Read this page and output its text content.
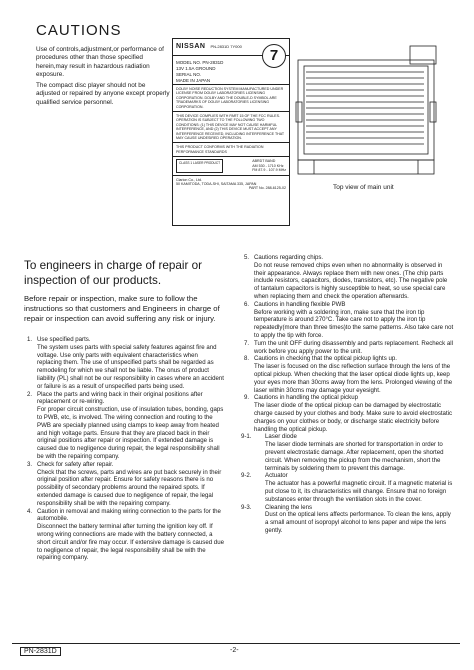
CAUTIONS

Use of controls,adjustment,or performance of procedures other than those specified herein,may result in hazardous radiation exposure.

The compact disc player should not be adjusted or repaired by anyone except properly qualified service personnel.

NISSAN	PN-2831D 7Y000
7
MODEL NO. PN-2831D
13V 1.5A GROUND
SERIAL NO.
MADE IN JAPAN
DOLBY NOISE REDUCTION SYSTEM MANUFACTURED UNDER LICENSE FROM DOLBY LABORATORIES LICENSING CORPORATION. DOLBY AND THE DOUBLE-D SYMBOL ARE TRADEMARKS OF DOLBY LABORATORIES LICENSING CORPORATION.
THIS DEVICE COMPLIES WITH PART 15 OF THE FCC RULES. OPERATION IS SUBJECT TO THE FOLLOWING TWO CONDITIONS: (1) THIS DEVICE MAY NOT CAUSE HARMFUL INTERFERENCE, AND (2) THIS DEVICE MUST ACCEPT ANY INTERFERENCE RECEIVED, INCLUDING INTERFERENCE THAT MAY CAUSE UNDESIRED OPERATION.
THIS PRODUCT CONFORMS WITH THE RADIATION PERFORMANCE STANDARDS
CLASS 1 LASER PRODUCT	ABRDT BAND
AM 530 - 1710 KHz
FM 87.9 - 107.9 MHz
Clarion Co., Ltd.
50 KAMITODA, TODA-SHI, SAITAMA 335, JAPAN
PART No. 288-6125-02	Top view of main unit
To engineers in charge of repair or inspection of our products.
Before repair or inspection, make sure to follow the instructions so that customers and Engineers in charge of repair or inspection can avoid suffering any risk or injury.
1. Use specified parts.
The system uses parts with special safety features against fire and voltage. Use only parts with equivalent characteristics when replacing them. The use of unspecified parts shall be regarded as remodeling for which we shall not be liable. The onus of product liability (PL) shall not be our responsibility in cases where an accident or failure is as a result of unspecified parts being used.
2. Place the parts and wiring back in their original positions after replacement or re-wiring.
For proper circuit construction, use of insulation tubes, bonding, gaps to PWB, etc, is involved. The wiring connection and routing to the PWB are specially planned using clamps to keep away from heated and high voltage parts. Ensure that they are placed back in their original positions after repair or inspection. If extended damage is caused due to negligence during repair, the legal responsibility shall be with the repairing company.
3. Check for safety after repair.
Check that the screws, parts and wires are put back securely in their original position after repair. Ensure for safety reasons there is no possibility of secondary problems around the repaired spots. If extended damage is caused due to negligence of repair, the legal responsibility shall be with the repairing company.
4. Caution in removal and making wiring connection to the parts for the automobile.
Disconnect the battery terminal after turning the ignition key off. If wrong wiring connections are made with the battery connected, a short circuit and/or fire may occur. If extensive damage is caused due to negligence of repair, the legal responsibility shall be with the repairing company.
5. Cautions regarding chips.
Do not reuse removed chips even when no abnormality is observed in their appearance. Always replace them with new ones. (The chip parts include resistors, capacitors, diodes, transistors, etc). The negative pole of tantalum capacitors is highly susceptible to heat, so use special care when replacing them and check the operation afterwards.
6. Cautions in handling flexible PWB
Before working with a soldering iron, make sure that the iron tip temperature is around 270°C. Take care not to apply the iron tip repeatedly(more than three times)to the same patterns. Also take care not to apply the tip with force.
7. Turn the unit OFF during disassembly and parts replacement. Recheck all work before you apply power to the unit.
8. Cautions in checking that the optical pickup lights up.
The laser is focused on the disc reflection surface through the lens of the optical pickup. When checking that the laser optical diode lights up, keep your eyes more than 30cms away from the lens. Prolonged viewing of the laser within 30cms may damage your eyesight.
9. Cautions in handling the optical pickup
The laser diode of the optical pickup can be damaged by electrostatic charge caused by your clothes and body. Make sure to avoid electrostatic charges on your clothes or body, or discharge static electricity before handling the optical pickup.
9-1.	Laser diode
The laser diode terminals are shorted for transportation in order to prevent electrostatic damage. After replacement, open the shorted circuit. When removing the pickup from the mechanism, short the terminals by soldering them to prevent this damage.
9-2.	Actuator
The actuator has a powerful magnetic circuit. If a magnetic material is put close to it, its characteristics will change. Ensure that no foreign substances enter through the ventilation slots in the cover.
9-3.	Cleaning the lens
Dust on the optical lens affects performance. To clean the lens, apply a small amount of isopropyl alcohol to lens paper and wipe the lens gently.
PN-2831D	-2-
